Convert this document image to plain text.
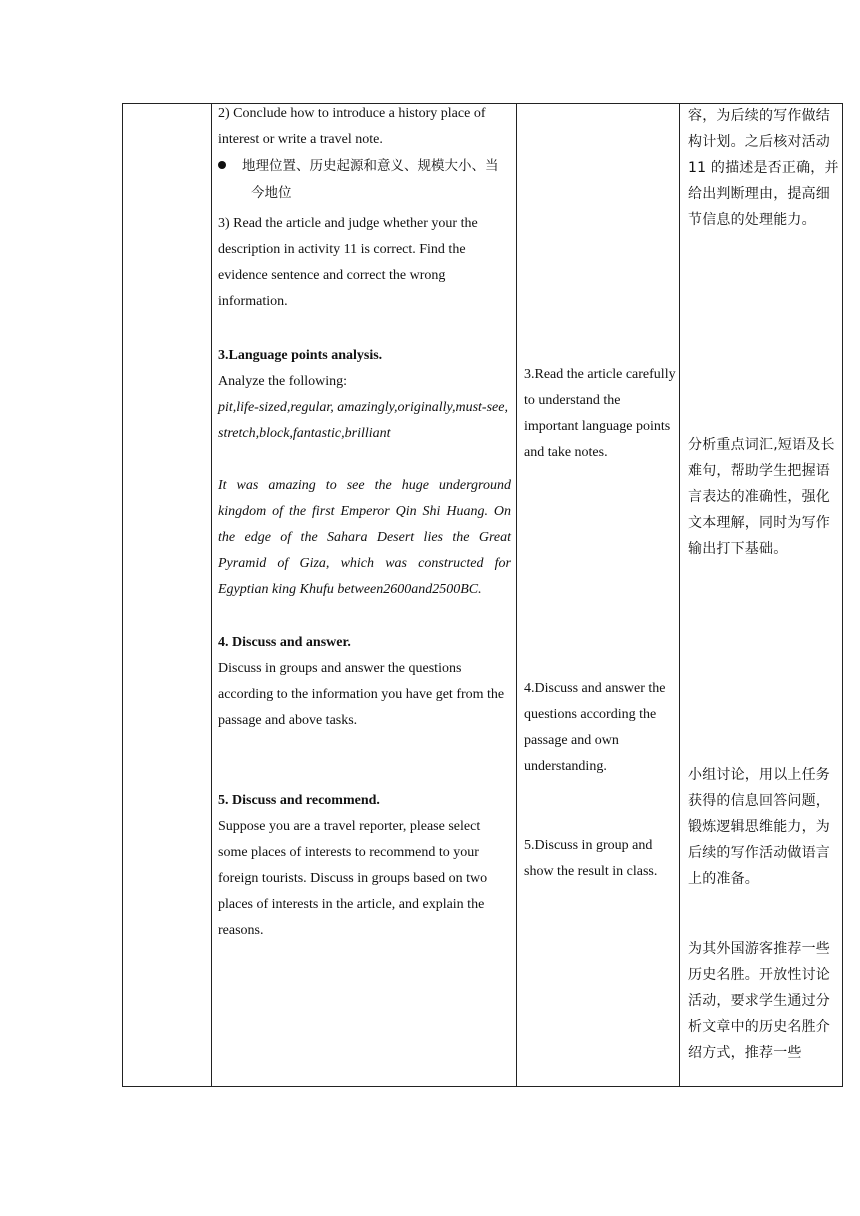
2) Conclude how to introduce a history place of interest or write a travel note.

地理位置、历史起源和意义、规模大小、当今地位

3) Read the article and judge whether your the description in activity 11 is correct. Find the evidence sentence and correct the wrong information.

3.Language points analysis.

Analyze the following:

pit,life-sized,regular, amazingly,originally,must-see,stretch,block,fantastic,brilliant

It was amazing to see the huge underground kingdom of the first Emperor Qin Shi Huang. On the edge of the Sahara Desert lies the Great Pyramid of Giza, which was constructed for Egyptian king Khufu between2600and2500BC.

4. Discuss and answer.

Discuss in groups and answer the questions according to the information you have get from the passage and above tasks.

5. Discuss and recommend.

Suppose you are a travel reporter, please select some places of interests to recommend to your foreign tourists. Discuss in groups based on two places of interests in the article, and explain the reasons.

3.Read the article carefully to understand the important language points and take notes.

4.Discuss and answer the questions according the passage and own understanding.

5.Discuss in group and show the result in class.

容，为后续的写作做结构计划。之后核对活动 11 的描述是否正确，并给出判断理由，提高细节信息的处理能力。

分析重点词汇,短语及长难句，帮助学生把握语言表达的准确性，强化文本理解，同时为写作输出打下基础。

小组讨论，用以上任务获得的信息回答问题，锻炼逻辑思维能力，为后续的写作活动做语言上的准备。

为其外国游客推荐一些历史名胜。开放性讨论活动，要求学生通过分析文章中的历史名胜介绍方式，推荐一些
